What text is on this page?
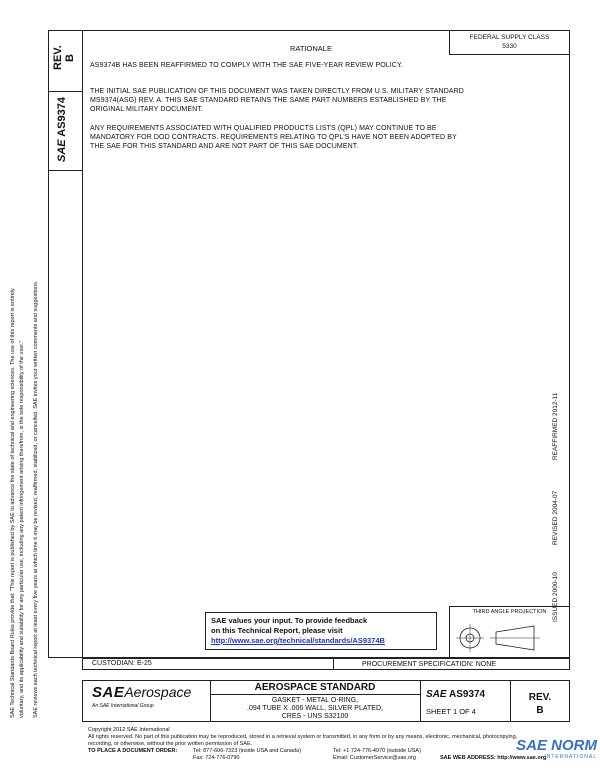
REV. B
SAE AS9374
FEDERAL SUPPLY CLASS
5330
RATIONALE
AS9374B HAS BEEN REAFFIRMED TO COMPLY WITH THE SAE FIVE-YEAR REVIEW POLICY.
THE INITIAL SAE PUBLICATION OF THIS DOCUMENT WAS TAKEN DIRECTLY FROM U.S. MILITARY STANDARD
MS9374(ASG) REV. A. THIS SAE STANDARD RETAINS THE SAME PART NUMBERS ESTABLISHED BY THE
ORIGINAL MILITARY DOCUMENT.
ANY REQUIREMENTS ASSOCIATED WITH QUALIFIED PRODUCTS LISTS (QPL) MAY CONTINUE TO BE
MANDATORY FOR DOD CONTRACTS. REQUIREMENTS RELATING TO QPL'S HAVE NOT BEEN ADOPTED BY
THE SAE FOR THIS STANDARD AND ARE NOT PART OF THIS SAE DOCUMENT.
SAE Technical Standards Board Rules provide that: "This report is published by SAE to advance the state of technical and engineering sciences. The use of this report is entirely voluntary, and its applicability and suitability for any particular use, including any patent infringement arising therefrom, is the sole responsibility of the user." SAE reviews each technical report at least every five years at which time it may be revised, reaffirmed, stabilized, or cancelled. SAE invites your written comments and suggestions.	ISSUED 2000-10
REVISED 2004-07
REAFFIRMED 2012-11
SAE values your input. To provide feedback
on this Technical Report, please visit
http://www.sae.org/technical/standards/AS9374B
THIRD ANGLE PROJECTION
CUSTODIAN: E-25	PROCUREMENT SPECIFICATION: NONE
SAEAerospace
An SAE International Group
AEROSPACE STANDARD
GASKET - METAL O-RING,
.094 TUBE X .006 WALL, SILVER PLATED,
CRES - UNS S32100
SAE AS9374
SHEET 1 OF 4
REV.
B
Copyright 2012 SAE International
All rights reserved. No part of this publication may be reproduced, stored in a retrieval system or transmitted, in any form or by any means, electronic, mechanical, photocopying,
recording, or otherwise, without the prior written permission of SAE.
TO PLACE A DOCUMENT ORDER:	Tel: 877-606-7323 (inside USA and Canada)
Fax: 724-776-0790
Tel: +1 724-776-4970 (outside USA)
Email: CustomerService@sae.org	SAE WEB ADDRESS: http://www.sae.org
SAE NORM
INTERNATIONAL
